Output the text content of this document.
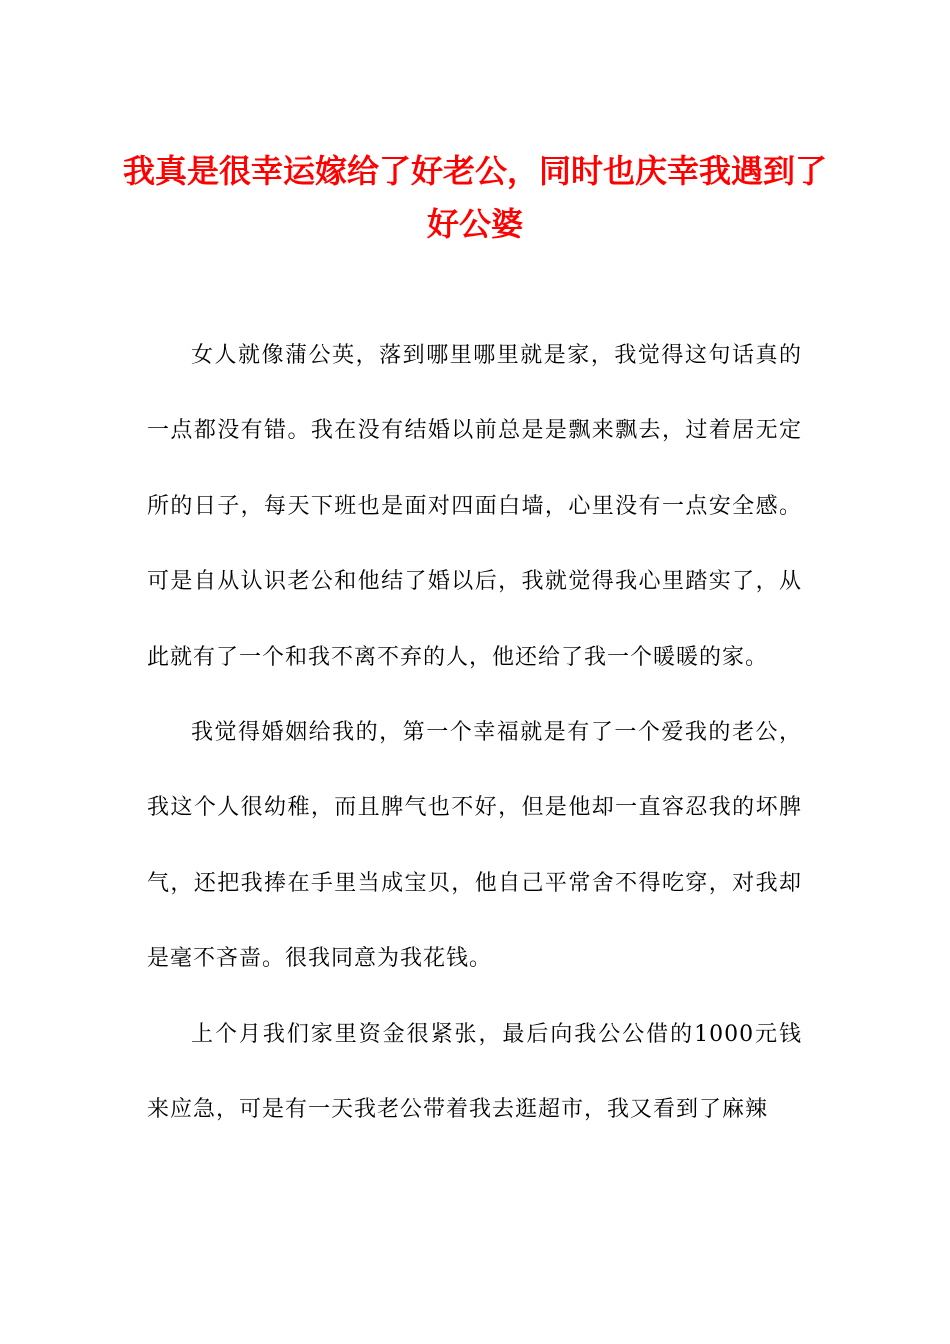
我真是很幸运嫁给了好老公，同时也庆幸我遇到了好公婆

女人就像蒲公英，落到哪里哪里就是家，我觉得这句话真的一点都没有错。我在没有结婚以前总是是飘来飘去，过着居无定所的日子，每天下班也是面对四面白墙，心里没有一点安全感。可是自从认识老公和他结了婚以后，我就觉得我心里踏实了，从此就有了一个和我不离不弃的人，他还给了我一个暖暖的家。

我觉得婚姻给我的，第一个幸福就是有了一个爱我的老公，我这个人很幼稚，而且脾气也不好，但是他却一直容忍我的坏脾气，还把我捧在手里当成宝贝，他自己平常舍不得吃穿，对我却是毫不吝啬。很我同意为我花钱。

上个月我们家里资金很紧张，最后向我公公借的1000元钱来应急，可是有一天我老公带着我去逛超市，我又看到了麻辣
